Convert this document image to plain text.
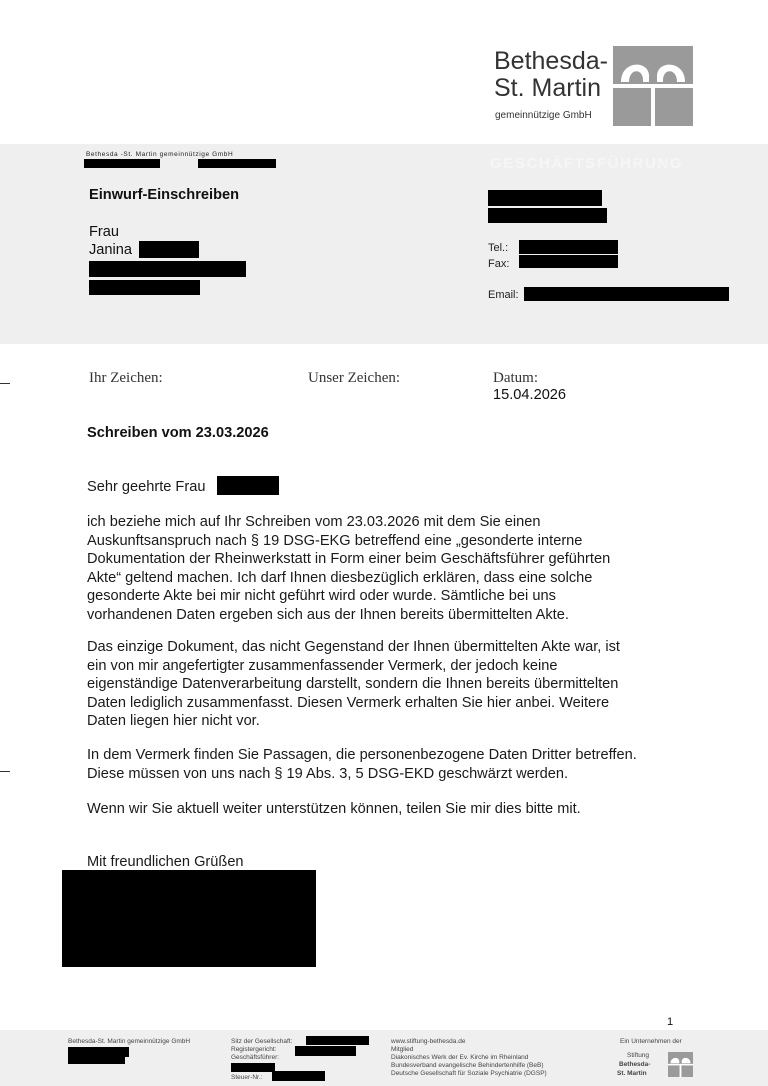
Bethesda-
St. Martin
gemeinnützige GmbH
Bethesda -St. Martin gemeinnützige GmbH
GESCHÄFTSFÜHRUNG
Einwurf-Einschreiben
Frau
Janina	Tel.:
Fax:
Email:
Ihr Zeichen:	Unser Zeichen:	Datum:
15.04.2026
Schreiben vom 23.03.2026
Sehr geehrte Frau
ich beziehe mich auf Ihr Schreiben vom 23.03.2026 mit dem Sie einen
Auskunftsanspruch nach § 19 DSG-EKG betreffend eine „gesonderte interne
Dokumentation der Rheinwerkstatt in Form einer beim Geschäftsführer geführten
Akte“ geltend machen. Ich darf Ihnen diesbezüglich erklären, dass eine solche
gesonderte Akte bei mir nicht geführt wird oder wurde. Sämtliche bei uns
vorhandenen Daten ergeben sich aus der Ihnen bereits übermittelten Akte.
Das einzige Dokument, das nicht Gegenstand der Ihnen übermittelten Akte war, ist
ein von mir angefertigter zusammenfassender Vermerk, der jedoch keine
eigenständige Datenverarbeitung darstellt, sondern die Ihnen bereits übermittelten
Daten lediglich zusammenfasst. Diesen Vermerk erhalten Sie hier anbei. Weitere
Daten liegen hier nicht vor.
In dem Vermerk finden Sie Passagen, die personenbezogene Daten Dritter betreffen.
Diese müssen von uns nach § 19 Abs. 3, 5 DSG-EKD geschwärzt werden.
Wenn wir Sie aktuell weiter unterstützen können, teilen Sie mir dies bitte mit.
Mit freundlichen Grüßen
1
Bethesda-St. Martin gemeinnützige GmbH	Sitz der Gesellschaft:
Registergericht:
Geschäftsführer:
Steuer-Nr.:
www.stiftung-bethesda.de
Mitglied
Diakonisches Werk der Ev. Kirche im Rheinland
Bundesverband evangelische Behindertenhilfe (BeB)
Deutsche Gesellschaft für Soziale Psychiatrie (DGSP)
Ein Unternehmen der
Stiftung
Bethesda-
St. Martin
